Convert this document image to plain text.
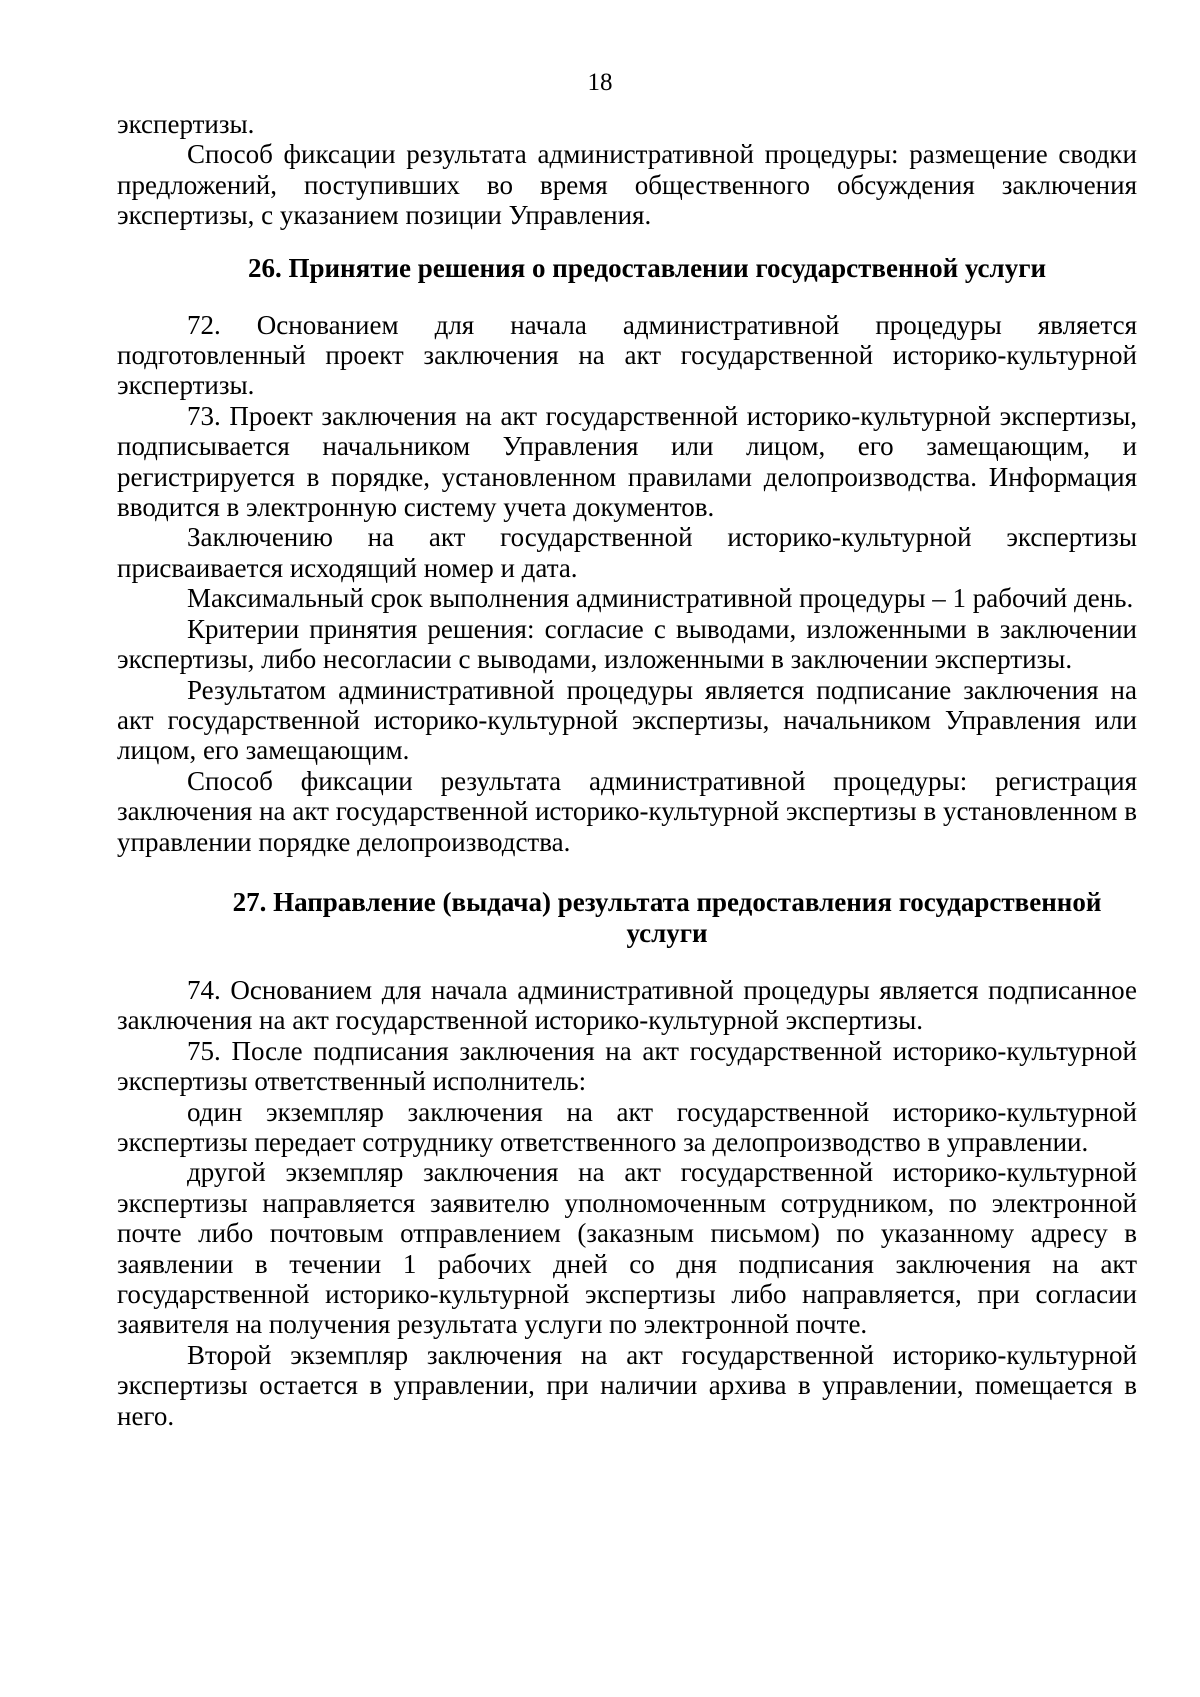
18

экспертизы.

Способ фиксации результата административной процедуры: размещение сводки предложений, поступивших во время общественного обсуждения заключения экспертизы, с указанием позиции Управления.

26. Принятие решения о предоставлении государственной услуги

72. Основанием для начала административной процедуры является подготовленный проект заключения на акт государственной историко-культурной экспертизы.

73. Проект заключения на акт государственной историко-культурной экспертизы, подписывается начальником Управления или лицом, его замещающим, и регистрируется в порядке, установленном правилами делопроизводства. Информация вводится в электронную систему учета документов.

Заключению на акт государственной историко-культурной экспертизы присваивается исходящий номер и дата.

Максимальный срок выполнения административной процедуры – 1 рабочий день.

Критерии принятия решения: согласие с выводами, изложенными в заключении экспертизы, либо несогласии с выводами, изложенными в заключении экспертизы.

Результатом административной процедуры является подписание заключения на акт государственной историко-культурной экспертизы, начальником Управления или лицом, его замещающим.

Способ фиксации результата административной процедуры: регистрация заключения на акт государственной историко-культурной экспертизы в установленном в управлении порядке делопроизводства.

27. Направление (выдача) результата предоставления государственной услуги

74. Основанием для начала административной процедуры является подписанное заключения на акт государственной историко-культурной экспертизы.

75. После подписания заключения на акт государственной историко-культурной экспертизы ответственный исполнитель:

один экземпляр заключения на акт государственной историко-культурной экспертизы передает сотруднику ответственного за делопроизводство в управлении.

другой экземпляр заключения на акт государственной историко-культурной экспертизы направляется заявителю уполномоченным сотрудником, по электронной почте либо почтовым отправлением (заказным письмом) по указанному адресу в заявлении в течении 1 рабочих дней со дня подписания заключения на акт государственной историко-культурной экспертизы либо направляется, при согласии заявителя на получения результата услуги по электронной почте.

Второй экземпляр заключения на акт государственной историко-культурной экспертизы остается в управлении, при наличии архива в управлении, помещается в него.
